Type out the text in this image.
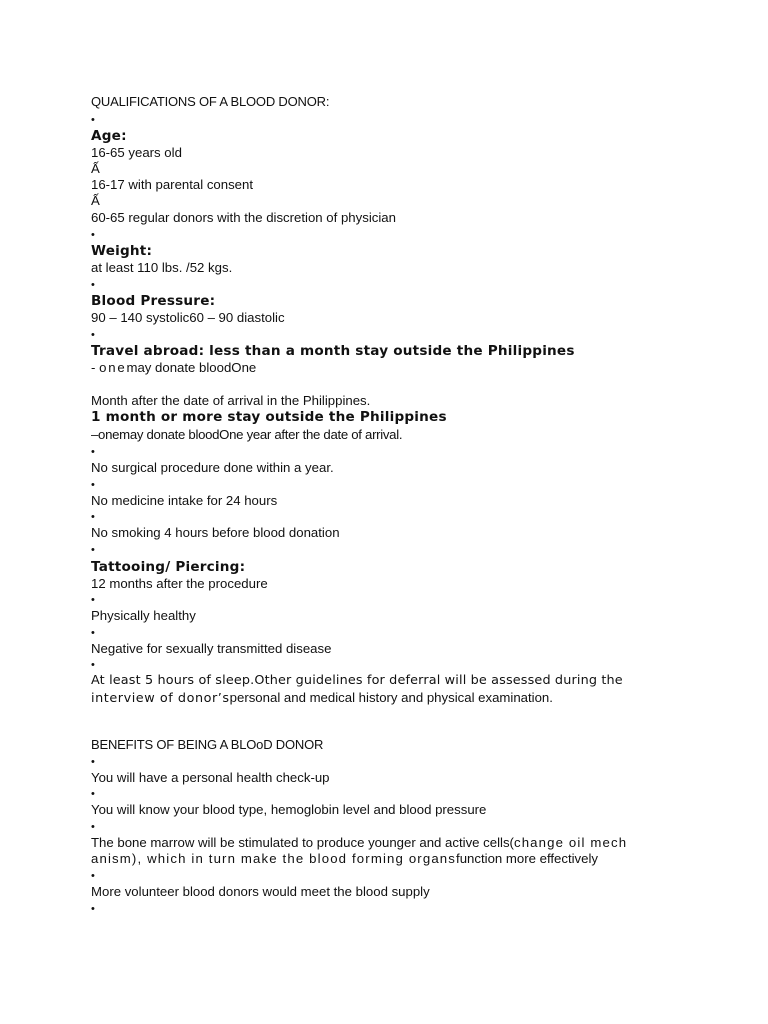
QUALIFICATIONS OF A BLOOD DONOR:
•
Age:
16-65 years old
Ấ
16-17 with parental consent
Ấ
60-65 regular donors with the discretion of physician
•
Weight:
at least 110 lbs. /52 kgs.
•
Blood Pressure:
90 – 140 systolic60 – 90 diastolic
•
Travel abroad: less than a month stay outside the Philippines
- onemay donate bloodOne
Month after the date of arrival in the Philippines.
1 month or more stay outside the Philippines
–onemay donate bloodOne year after the date of arrival.
•
No surgical procedure done within a year.
•
No medicine intake for 24 hours
•
No smoking 4 hours before blood donation
•
Tattooing/ Piercing:
12 months after the procedure
•
Physically healthy
•
Negative for sexually transmitted disease
•
At least 5 hours of sleep.Other guidelines for deferral will be assessed during the
interview of donor’spersonal and medical history and physical examination.
BENEFITS OF BEING A BLOoD DONOR
•
You will have a personal health check-up
•
You will know your blood type, hemoglobin level and blood pressure
•
The bone marrow will be stimulated to produce younger and active cells(change oil mech
anism), which in turn make the blood forming organsfunction more effectively
•
More volunteer blood donors would meet the blood supply
•
